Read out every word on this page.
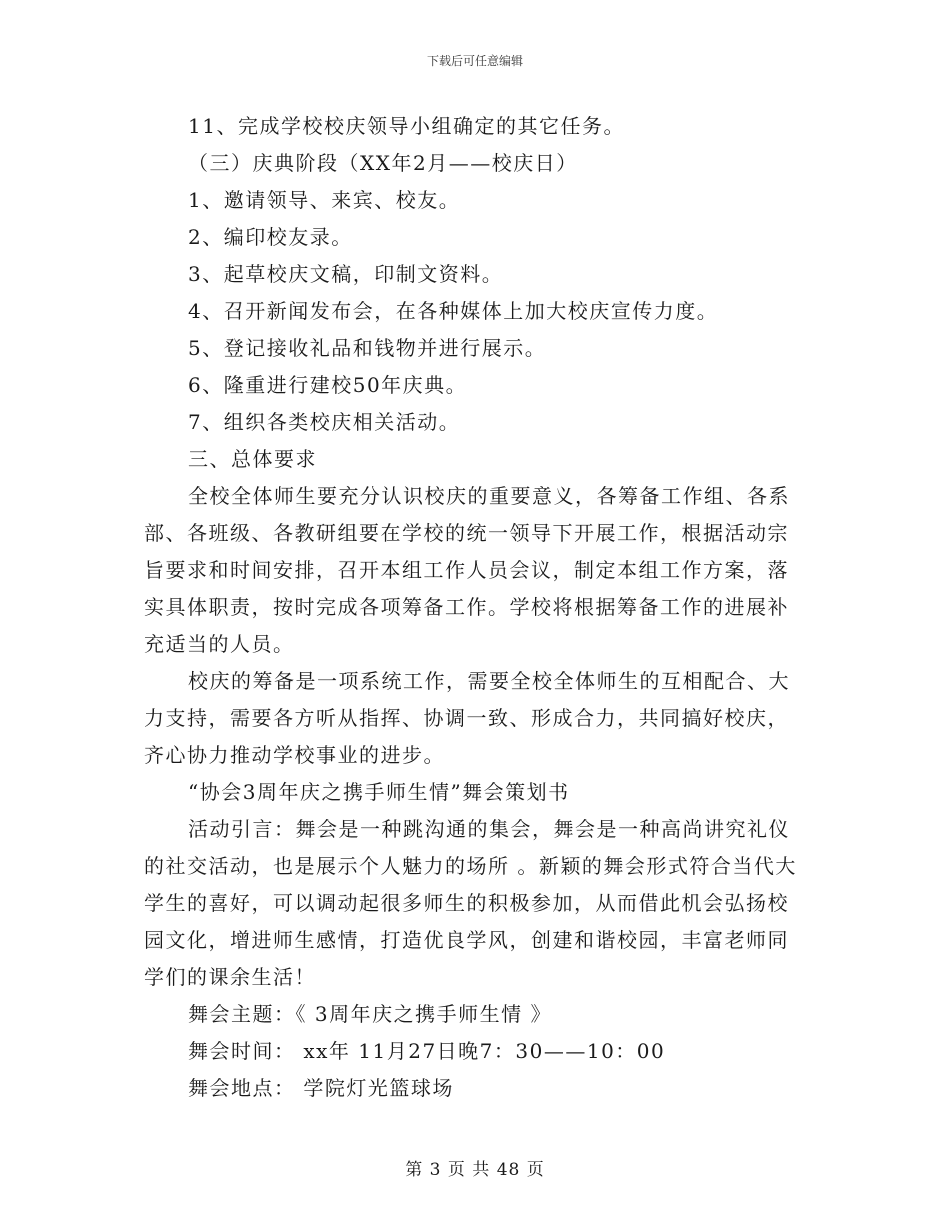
下载后可任意编辑
11、完成学校校庆领导小组确定的其它任务。
（三）庆典阶段（XX年2月——校庆日）
1、邀请领导、来宾、校友。
2、编印校友录。
3、起草校庆文稿，印制文资料。
4、召开新闻发布会，在各种媒体上加大校庆宣传力度。
5、登记接收礼品和钱物并进行展示。
6、隆重进行建校50年庆典。
7、组织各类校庆相关活动。
三、总体要求
全校全体师生要充分认识校庆的重要意义，各筹备工作组、各系
部、各班级、各教研组要在学校的统一领导下开展工作，根据活动宗
旨要求和时间安排，召开本组工作人员会议，制定本组工作方案，落
实具体职责，按时完成各项筹备工作。学校将根据筹备工作的进展补
充适当的人员。
校庆的筹备是一项系统工作，需要全校全体师生的互相配合、大
力支持，需要各方听从指挥、协调一致、形成合力，共同搞好校庆，
齐心协力推动学校事业的进步。
“协会3周年庆之携手师生情”舞会策划书
活动引言：舞会是一种跳沟通的集会，舞会是一种高尚讲究礼仪
的社交活动，也是展示个人魅力的场所 。新颖的舞会形式符合当代大
学生的喜好，可以调动起很多师生的积极参加，从而借此机会弘扬校
园文化，增进师生感情，打造优良学风，创建和谐校园，丰富老师同
学们的课余生活！
舞会主题：《 3周年庆之携手师生情 》
舞会时间： xx年 11月27日晚7：30——10：00
舞会地点： 学院灯光篮球场
第 3 页 共 48 页
